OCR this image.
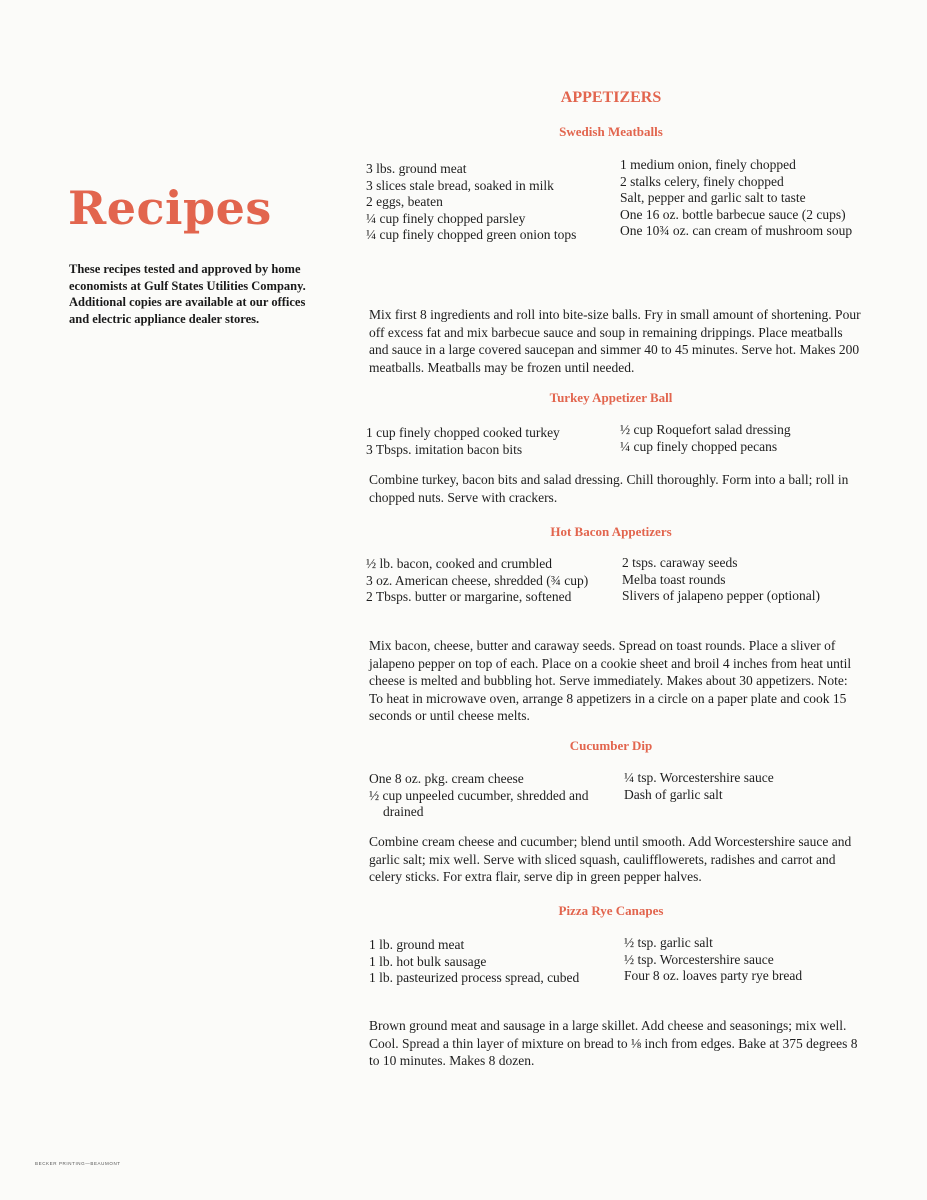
Recipes
These recipes tested and approved by home economists at Gulf States Utilities Company. Additional copies are available at our offices and electric appliance dealer stores.
APPETIZERS
Swedish Meatballs
3 lbs. ground meat
3 slices stale bread, soaked in milk
2 eggs, beaten
¼ cup finely chopped parsley
¼ cup finely chopped green onion tops
1 medium onion, finely chopped
2 stalks celery, finely chopped
Salt, pepper and garlic salt to taste
One 16 oz. bottle barbecue sauce (2 cups)
One 10¾ oz. can cream of mushroom soup

Mix first 8 ingredients and roll into bite-size balls. Fry in small amount of shortening. Pour off excess fat and mix barbecue sauce and soup in remaining drippings. Place meatballs and sauce in a large covered saucepan and simmer 40 to 45 minutes. Serve hot. Makes 200 meatballs. Meatballs may be frozen until needed.

Turkey Appetizer Ball
1 cup finely chopped cooked turkey
3 Tbsps. imitation bacon bits
½ cup Roquefort salad dressing
¼ cup finely chopped pecans

Combine turkey, bacon bits and salad dressing. Chill thoroughly. Form into a ball; roll in chopped nuts. Serve with crackers.

Hot Bacon Appetizers
½ lb. bacon, cooked and crumbled
3 oz. American cheese, shredded (¾ cup)
2 Tbsps. butter or margarine, softened
2 tsps. caraway seeds
Melba toast rounds
Slivers of jalapeno pepper (optional)

Mix bacon, cheese, butter and caraway seeds. Spread on toast rounds. Place a sliver of jalapeno pepper on top of each. Place on a cookie sheet and broil 4 inches from heat until cheese is melted and bubbling hot. Serve immediately. Makes about 30 appetizers. Note: To heat in microwave oven, arrange 8 appetizers in a circle on a paper plate and cook 15 seconds or until cheese melts.

Cucumber Dip
One 8 oz. pkg. cream cheese
½ cup unpeeled cucumber, shredded and drained
¼ tsp. Worcestershire sauce
Dash of garlic salt

Combine cream cheese and cucumber; blend until smooth. Add Worcestershire sauce and garlic salt; mix well. Serve with sliced squash, caulifflowerets, radishes and carrot and celery sticks. For extra flair, serve dip in green pepper halves.

Pizza Rye Canapes
1 lb. ground meat
1 lb. hot bulk sausage
1 lb. pasteurized process spread, cubed
½ tsp. garlic salt
½ tsp. Worcestershire sauce
Four 8 oz. loaves party rye bread

Brown ground meat and sausage in a large skillet. Add cheese and seasonings; mix well. Cool. Spread a thin layer of mixture on bread to ⅛ inch from edges. Bake at 375 degrees 8 to 10 minutes. Makes 8 dozen.

BECKER PRINTING—BEAUMONT
